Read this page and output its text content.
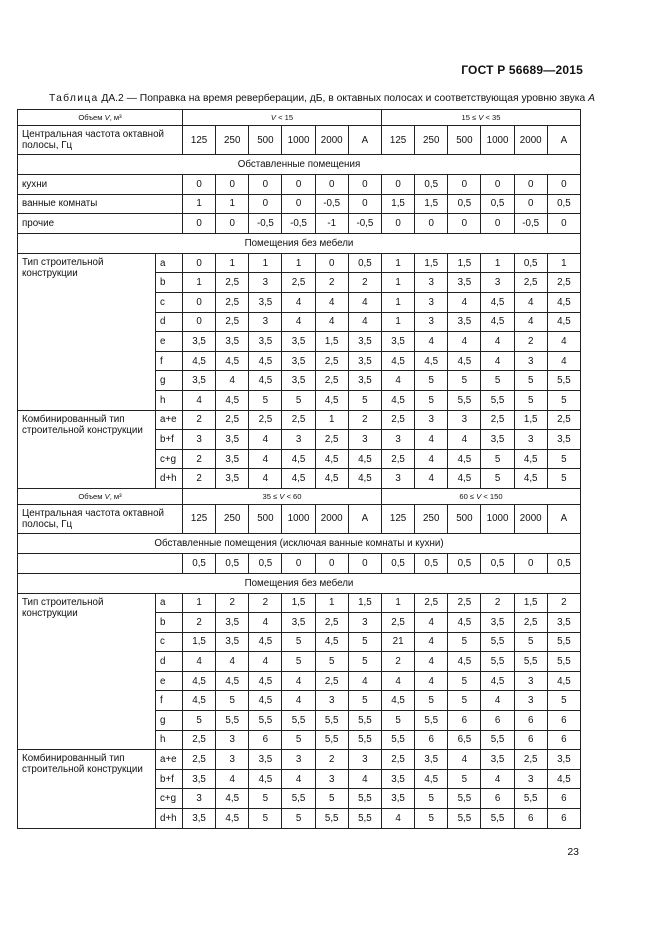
ГОСТ Р 56689—2015
Таблица ДА.2 — Поправка на время реверберации, дБ, в октавных полосах и соответствующая уровню звука А
Объем V, м³		V < 15						15 ≤ V < 35					
Центральная частота октавной полосы, Гц		125	250	500	1000	2000	A	125	250	500	1000	2000	A
Обставленные помещения													
кухни		0	0	0	0	0	0	0	0,5	0	0	0	0
ванные комнаты		1	1	0	0	-0,5	0	1,5	1,5	0,5	0,5	0	0,5
прочие		0	0	-0,5	-0,5	-1	-0,5	0	0	0	0	-0,5	0
Помещения без мебели													
Тип строительной конструкции	a	0	1	1	1	0	0,5	1	1,5	1,5	1	0,5	1
	b	1	2,5	3	2,5	2	2	1	3	3,5	3	2,5	2,5
	c	0	2,5	3,5	4	4	4	1	3	4	4,5	4	4,5
	d	0	2,5	3	4	4	4	1	3	3,5	4,5	4	4,5
	e	3,5	3,5	3,5	3,5	1,5	3,5	3,5	4	4	4	2	4
	f	4,5	4,5	4,5	3,5	2,5	3,5	4,5	4,5	4,5	4	3	4
	g	3,5	4	4,5	3,5	2,5	3,5	4	5	5	5	5	5,5
	h	4	4,5	5	5	4,5	5	4,5	5	5,5	5,5	5	5
Комбинированный тип строительной конструкции	a+e	2	2,5	2,5	2,5	1	2	2,5	3	3	2,5	1,5	2,5
	b+f	3	3,5	4	3	2,5	3	3	4	4	3,5	3	3,5
	c+g	2	3,5	4	4,5	4,5	4,5	2,5	4	4,5	5	4,5	5
	d+h	2	3,5	4	4,5	4,5	4,5	3	4	4,5	5	4,5	5
Объем V, м³		35 ≤ V < 60						60 ≤ V < 150					
Центральная частота октавной полосы, Гц		125	250	500	1000	2000	A	125	250	500	1000	2000	A
Обставленные помещения (исключая ванные комнаты и кухни)													
		0,5	0,5	0,5	0	0	0	0,5	0,5	0,5	0,5	0	0,5
Помещения без мебели													
Тип строительной конструкции	a	1	2	2	1,5	1	1,5	1	2,5	2,5	2	1,5	2
	b	2	3,5	4	3,5	2,5	3	2,5	4	4,5	3,5	2,5	3,5
	c	1,5	3,5	4,5	5	4,5	5	21	4	5	5,5	5	5,5
	d	4	4	4	5	5	5	2	4	4,5	5,5	5,5	5,5
	e	4,5	4,5	4,5	4	2,5	4	4	4	5	4,5	3	4,5
	f	4,5	5	4,5	4	3	5	4,5	5	5	4	3	5
	g	5	5,5	5,5	5,5	5,5	5,5	5	5,5	6	6	6	6
	h	2,5	3	6	5	5,5	5,5	5,5	6	6,5	5,5	6	6
Комбинированный тип строительной конструкции	a+e	2,5	3	3,5	3	2	3	2,5	3,5	4	3,5	2,5	3,5
	b+f	3,5	4	4,5	4	3	4	3,5	4,5	5	4	3	4,5
	c+g	3	4,5	5	5,5	5	5,5	3,5	5	5,5	6	5,5	6
	d+h	3,5	4,5	5	5	5,5	5,5	4	5	5,5	5,5	6	6
23
